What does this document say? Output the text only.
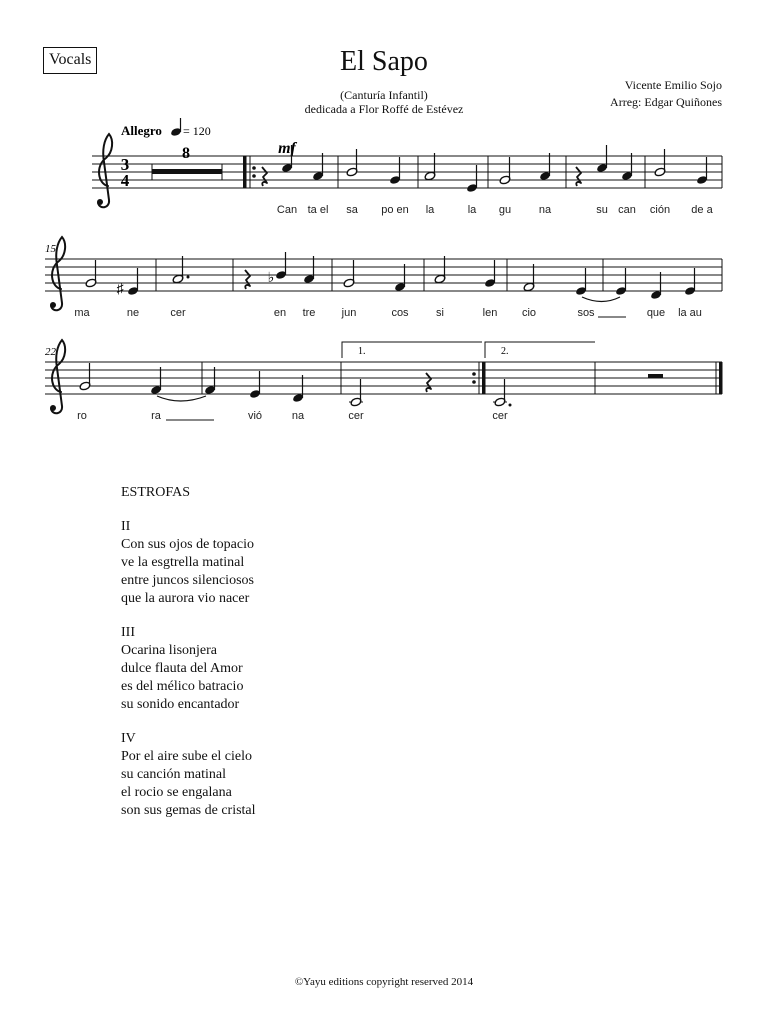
Vocals	El Sapo
(Canturía Infantil)
dedicada a Flor Roffé de Estévez
Vicente Emilio Sojo
Arreg: Edgar Quiñones
3
4
Allegro = 120
8	mf
Can ta el sa po en la	la gu	na	su can ción de a
15
♯
♭
ma	ne	cer	en tre jun	cos si	len cio	sos	que la au
22	1.	2.
ro	ra	vió	na	cer	cer
ESTROFAS
II
Con sus ojos de topacio
ve la esgtrella matinal
entre juncos silenciosos
que la aurora vio nacer
III
Ocarina lisonjera
dulce flauta del Amor
es del mélico batracio
su sonido encantador
IV
Por el aire sube el cielo
su canción matinal
el rocio se engalana
son sus gemas de cristal
©Yayu editions copyright reserved 2014
